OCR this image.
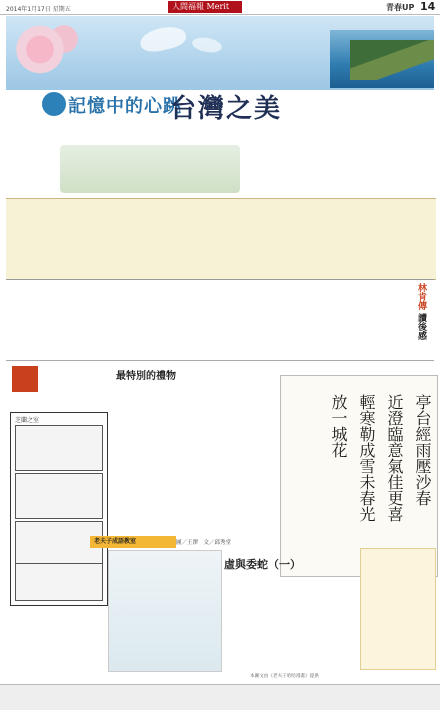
2014年1月17日 星期五	人間福報 Merit	青春UP 14
記憶中的心跳
台灣之美
林肯傳 讀後感
最特別的禮物
芝蘭之室	亭台經雨壓沙春
近澄臨意氣佳更喜
輕寒勒成雪未春光
放一城花
老夫子成語教室	圖／王澤　文／邱秀堂
虛與委蛇（一）
本圖文由《老夫子哈哈漫畫》提供
